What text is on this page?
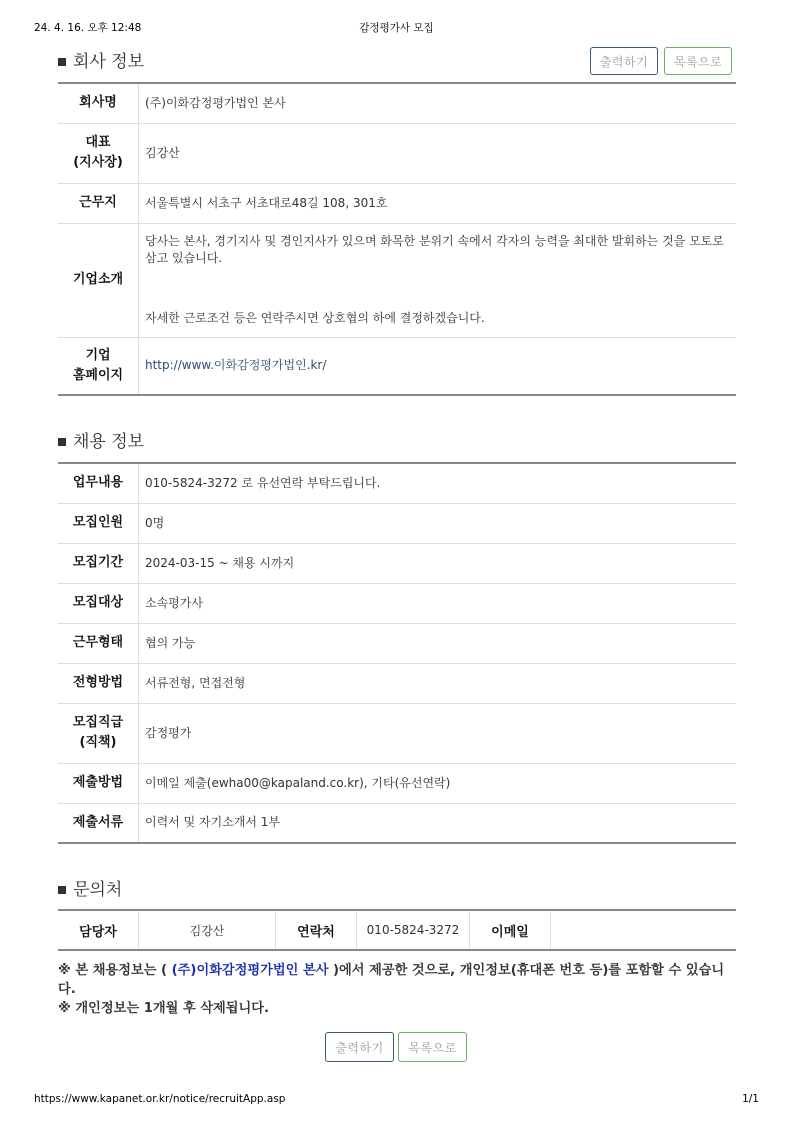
24. 4. 16. 오후 12:48	감정평가사 모집
회사 정보	출력하기	목록으로
회사명	(주)이화감정평가법인 본사

대표
(지사장)	김강산
근무지	서울특별시 서초구 서초대로48길 108, 301호
기업소개	당사는 본사, 경기지사 및 경인지사가 있으며 화목한 분위기 속에서 각자의 능력을 최대한 발휘하는 것을 모토로 삼고 있습니다.

자세한 근로조건 등은 연락주시면 상호협의 하에 결정하겠습니다.

기업
홈페이지	http://www.이화감정평가법인.kr/
채용 정보
업무내용	010-5824-3272 로 유선연락 부탁드립니다.
모집인원	0명
모집기간	2024-03-15 ~ 채용 시까지
모집대상	소속평가사
근무형태	협의 가능
전형방법	서류전형, 면접전형

모집직급
(직책)	감정평가
제출방법	이메일 제출(ewha00@kapaland.co.kr), 기타(유선연락)
제출서류	이력서 및 자기소개서 1부
문의처
담당자	김강산	연락처	010-5824-3272	이메일	
※ 본 채용정보는 ( (주)이화감정평가법인 본사 )에서 제공한 것으로, 개인정보(휴대폰 번호 등)를 포함할 수 있습니다.
※ 개인정보는 1개월 후 삭제됩니다.
출력하기	목록으로
https://www.kapanet.or.kr/notice/recruitApp.asp	1/1
